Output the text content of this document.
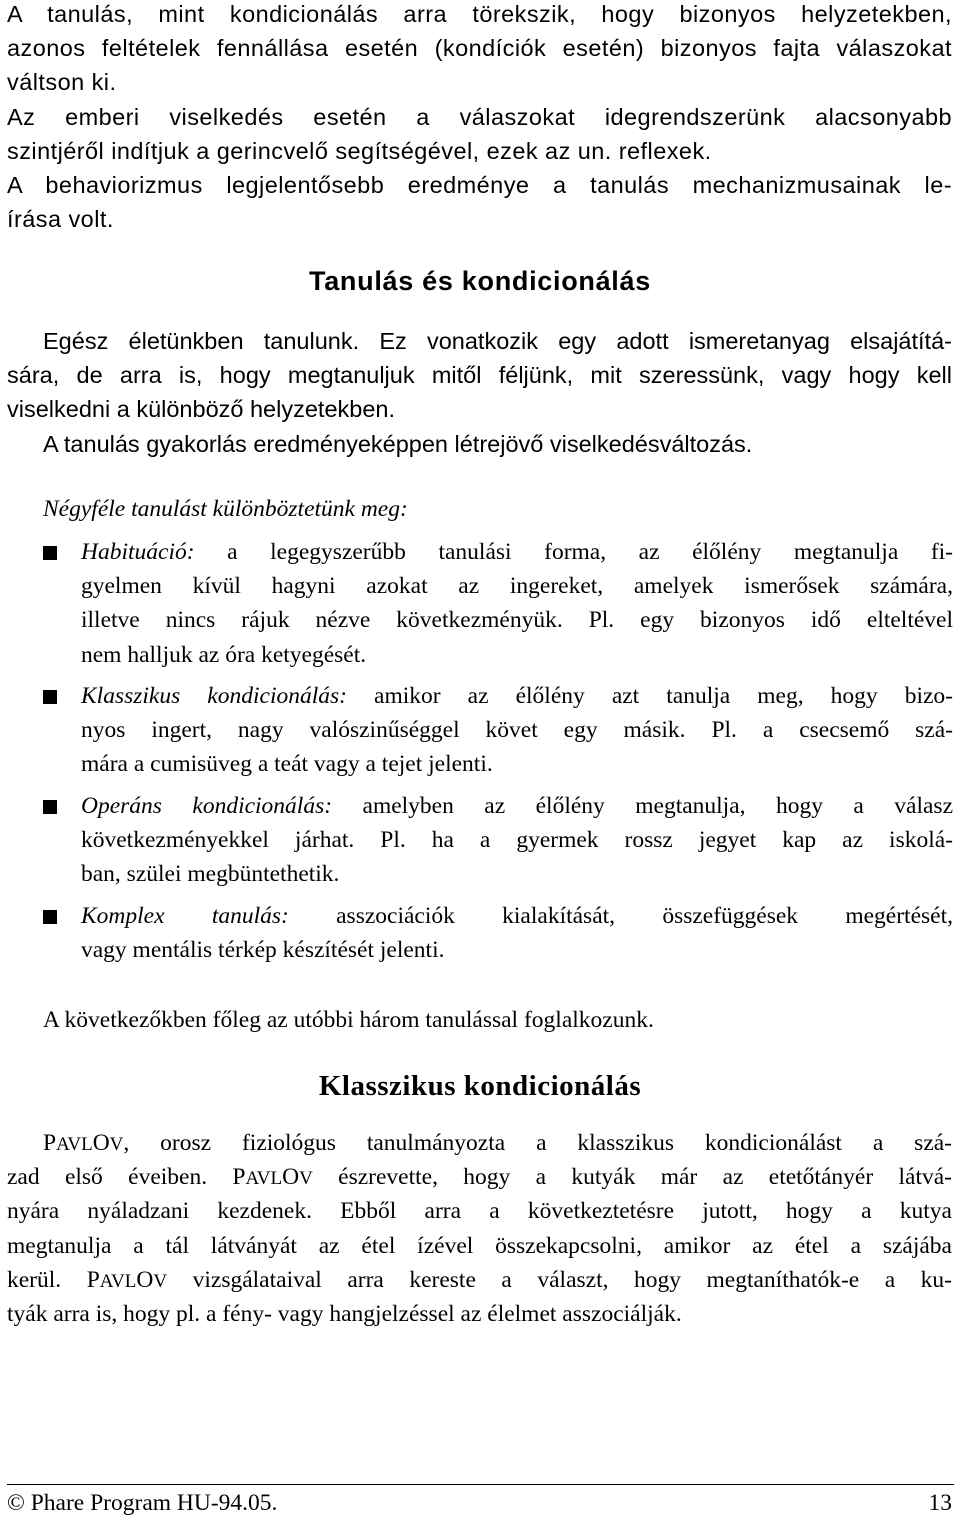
A tanulás, mint kondicionálás arra törekszik, hogy bizonyos helyzetekben,
azonos feltételek fennállása esetén (kondíciók esetén) bizonyos fajta válaszokat
váltson ki.
Az emberi viselkedés esetén a válaszokat idegrendszerünk alacsonyabb
szintjéről indítjuk a gerincvelő segítségével, ezek az un. reflexek.
A behaviorizmus legjelentősebb eredménye a tanulás mechanizmusainak le-
írása volt.
Tanulás és kondicionálás
Egész életünkben tanulunk. Ez vonatkozik egy adott ismeretanyag elsajátítá-
sára, de arra is, hogy megtanuljuk mitől féljünk, mit szeressünk, vagy hogy kell
viselkedni a különböző helyzetekben.
A tanulás gyakorlás eredményeképpen létrejövő viselkedésváltozás.
Négyféle tanulást különböztetünk meg:
Habituáció: a legegyszerűbb tanulási forma, az élőlény megtanulja fi-
gyelmen kívül hagyni azokat az ingereket, amelyek ismerősek számára,
illetve nincs rájuk nézve következményük. Pl. egy bizonyos idő elteltével
nem halljuk az óra ketyegését.
Klasszikus kondicionálás: amikor az élőlény azt tanulja meg, hogy bizo-
nyos ingert, nagy valószinűséggel követ egy másik. Pl. a csecsemő szá-
mára a cumisüveg a teát vagy a tejet jelenti.
Operáns kondicionálás: amelyben az élőlény megtanulja, hogy a válasz
következményekkel járhat. Pl. ha a gyermek rossz jegyet kap az iskolá-
ban, szülei megbüntethetik.
Komplex tanulás: asszociációk kialakítását, összefüggések megértését,
vagy mentális térkép készítését jelenti.
A következőkben főleg az utóbbi három tanulással foglalkozunk.
Klasszikus kondicionálás
PAVLOV, orosz fiziológus tanulmányozta a klasszikus kondicionálást a szá-
zad első éveiben. PAVLOV észrevette, hogy a kutyák már az etetőtányér látvá-
nyára nyáladzani kezdenek. Ebből arra a következtetésre jutott, hogy a kutya
megtanulja a tál látványát az étel ízével összekapcsolni, amikor az étel a szájába
kerül. PAVLOV vizsgálataival arra kereste a választ, hogy megtaníthatók-e a ku-
tyák arra is, hogy pl. a fény- vagy hangjelzéssel az élelmet asszociálják.
© Phare Program HU-94.05.	13
